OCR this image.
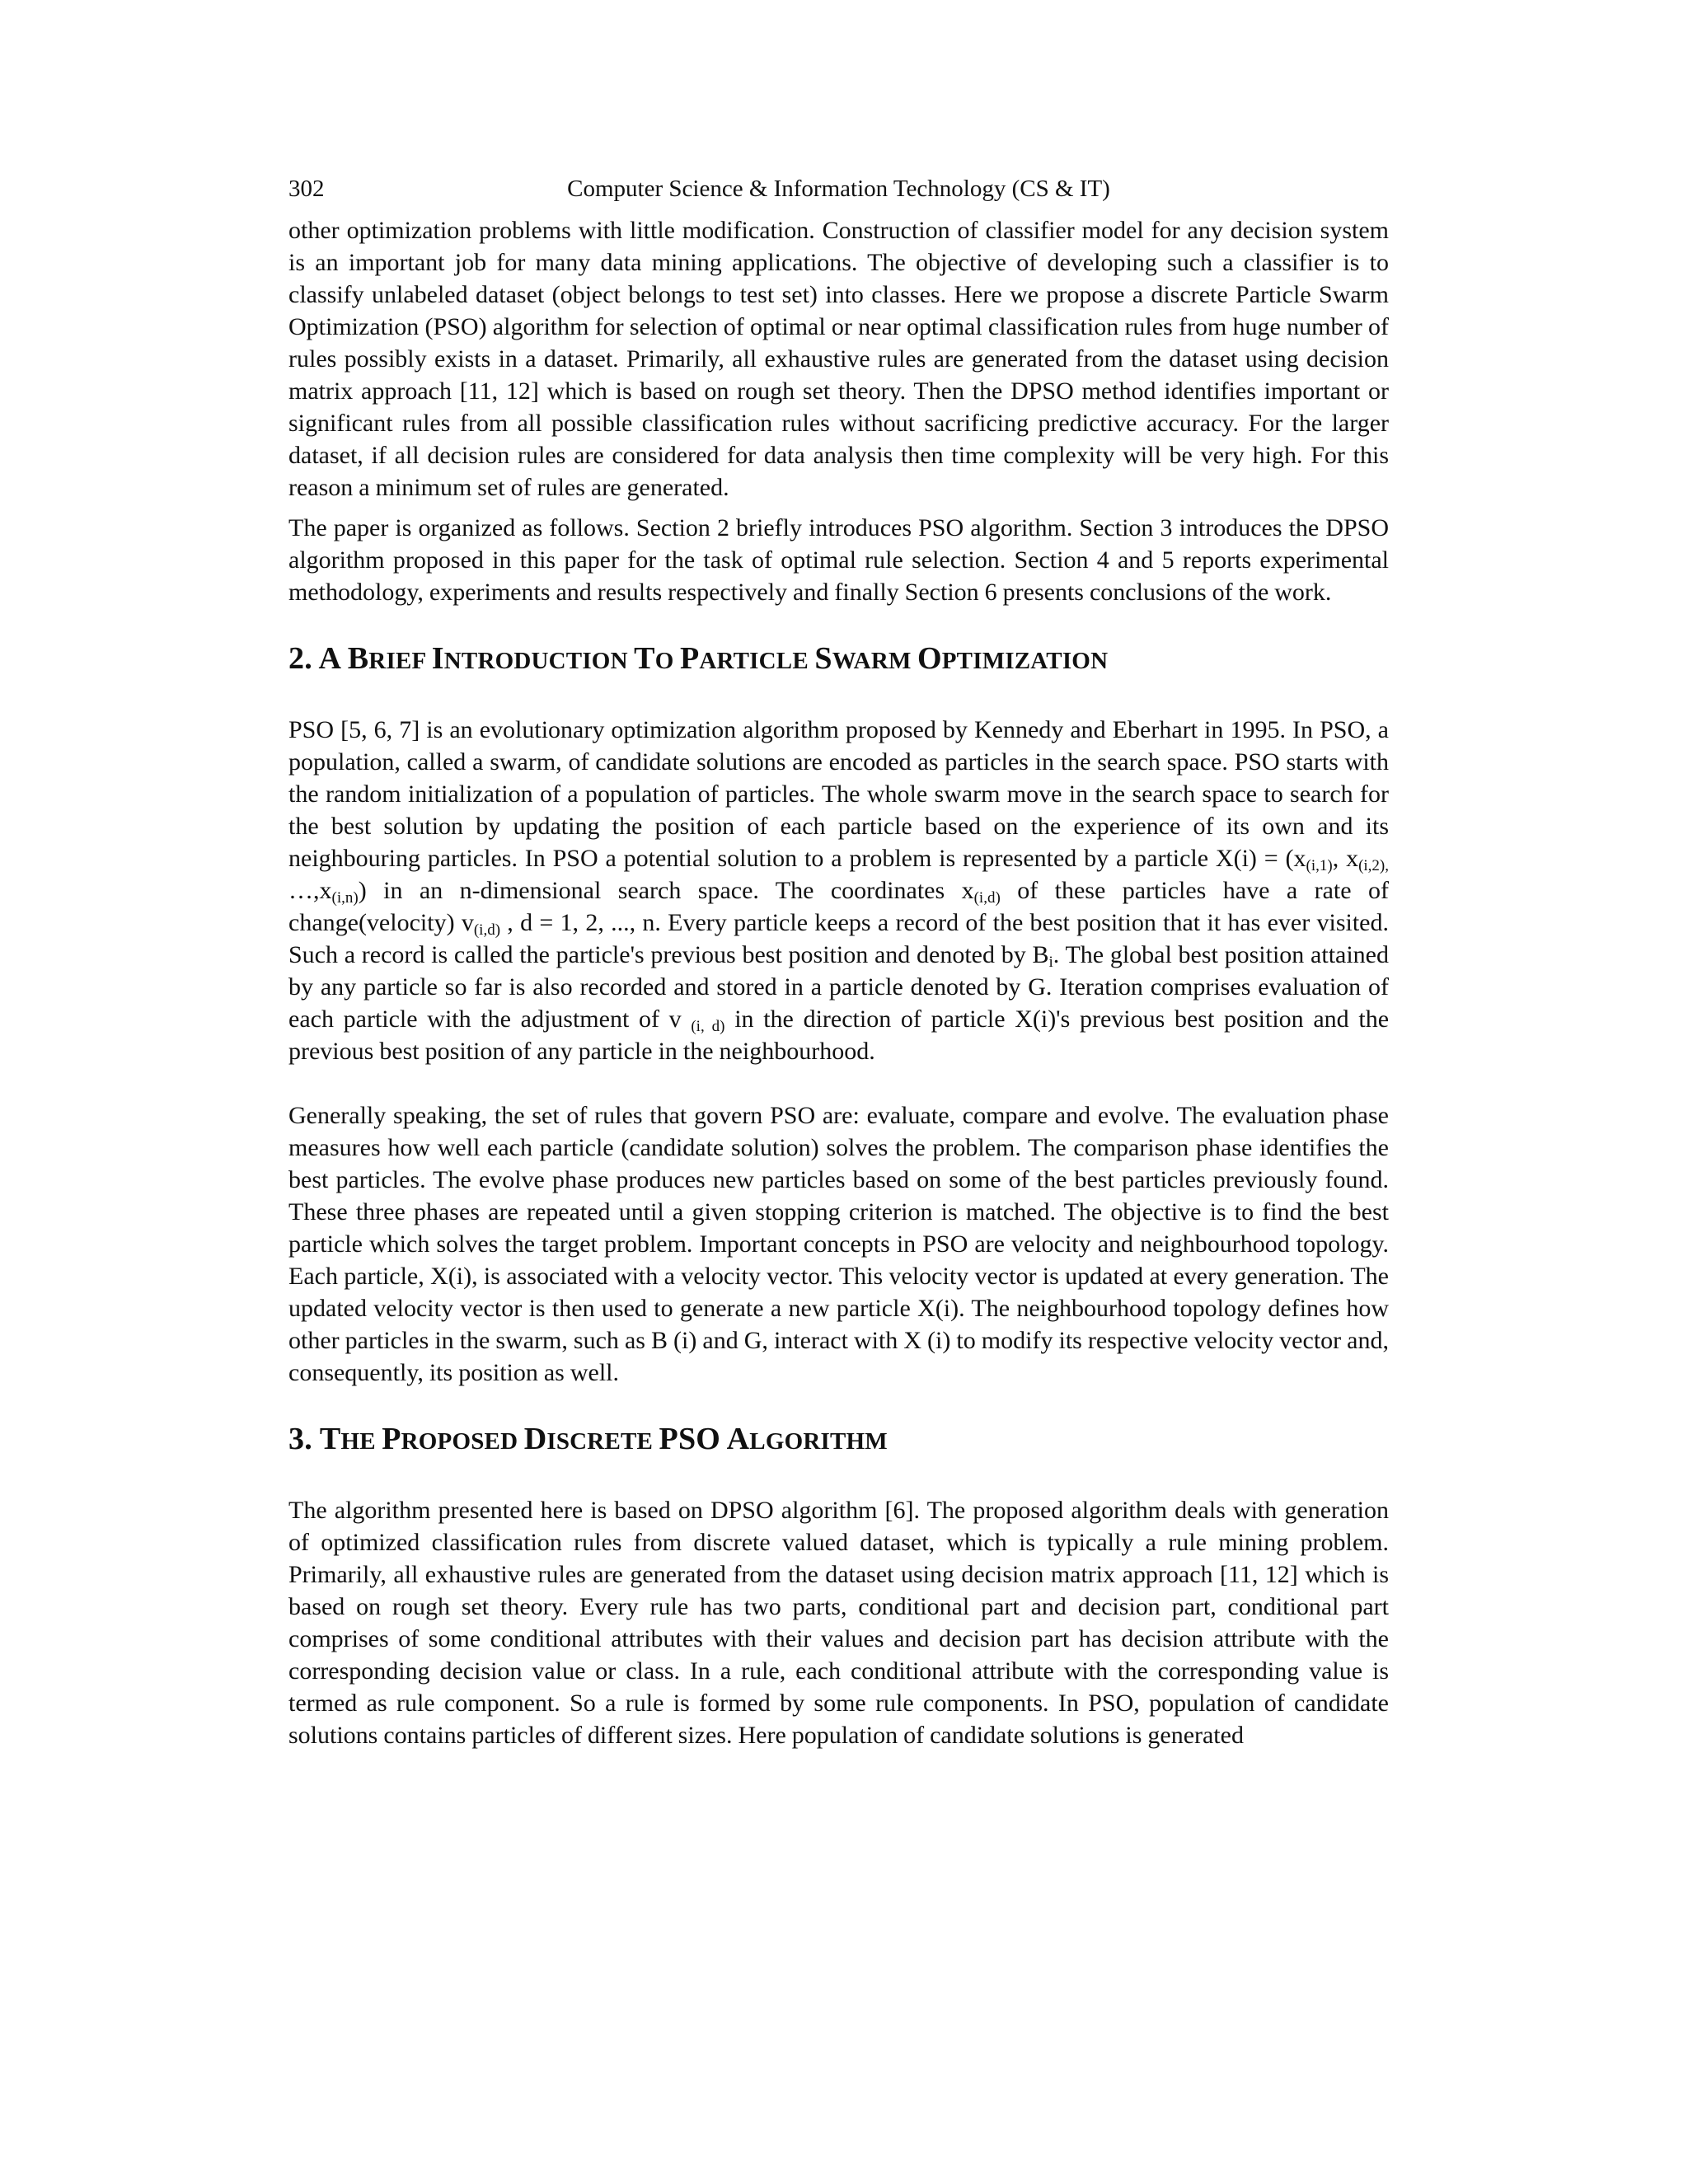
302	Computer Science & Information Technology (CS & IT)

other optimization problems with little modification. Construction of classifier model for any decision system is an important job for many data mining applications. The objective of developing such a classifier is to classify unlabeled dataset (object belongs to test set) into classes. Here we propose a discrete Particle Swarm Optimization (PSO) algorithm for selection of optimal or near optimal classification rules from huge number of rules possibly exists in a dataset. Primarily, all exhaustive rules are generated from the dataset using decision matrix approach [11, 12] which is based on rough set theory. Then the DPSO method identifies important or significant rules from all possible classification rules without sacrificing predictive accuracy. For the larger dataset, if all decision rules are considered for data analysis then time complexity will be very high. For this reason a minimum set of rules are generated.

The paper is organized as follows. Section 2 briefly introduces PSO algorithm. Section 3 introduces the DPSO algorithm proposed in this paper for the task of optimal rule selection. Section 4 and 5 reports experimental methodology, experiments and results respectively and finally Section 6 presents conclusions of the work.

2. A BRIEF INTRODUCTION TO PARTICLE SWARM OPTIMIZATION

PSO [5, 6, 7] is an evolutionary optimization algorithm proposed by Kennedy and Eberhart in 1995. In PSO, a population, called a swarm, of candidate solutions are encoded as particles in the search space. PSO starts with the random initialization of a population of particles. The whole swarm move in the search space to search for the best solution by updating the position of each particle based on the experience of its own and its neighbouring particles. In PSO a potential solution to a problem is represented by a particle $X(i) = (x_{(i,1)}$, $x_{(i,2),}$ $\dots,x_{(i,n)}$) in an n-dimensional search space. The coordinates $x_{(i,d)}$ of these particles have a rate of change(velocity) $v_{(i,d)}$ , d = 1, 2, ..., n. Every particle keeps a record of the best position that it has ever visited. Such a record is called the particle's previous best position and denoted by $B_i$. The global best position attained by any particle so far is also recorded and stored in a particle denoted by G. Iteration comprises evaluation of each particle with the adjustment of v $_{(i, d)}$ in the direction of particle X(i)'s previous best position and the previous best position of any particle in the neighbourhood.

Generally speaking, the set of rules that govern PSO are: evaluate, compare and evolve. The evaluation phase measures how well each particle (candidate solution) solves the problem. The comparison phase identifies the best particles. The evolve phase produces new particles based on some of the best particles previously found. These three phases are repeated until a given stopping criterion is matched. The objective is to find the best particle which solves the target problem. Important concepts in PSO are velocity and neighbourhood topology. Each particle, X(i), is associated with a velocity vector. This velocity vector is updated at every generation. The updated velocity vector is then used to generate a new particle X(i). The neighbourhood topology defines how other particles in the swarm, such as B (i) and G, interact with X (i) to modify its respective velocity vector and, consequently, its position as well.

3. THE PROPOSED DISCRETE PSO ALGORITHM

The algorithm presented here is based on DPSO algorithm [6]. The proposed algorithm deals with generation of optimized classification rules from discrete valued dataset, which is typically a rule mining problem. Primarily, all exhaustive rules are generated from the dataset using decision matrix approach [11, 12] which is based on rough set theory. Every rule has two parts, conditional part and decision part, conditional part comprises of some conditional attributes with their values and decision part has decision attribute with the corresponding decision value or class. In a rule, each conditional attribute with the corresponding value is termed as rule component. So a rule is formed by some rule components. In PSO, population of candidate solutions contains particles of different sizes. Here population of candidate solutions is generated
